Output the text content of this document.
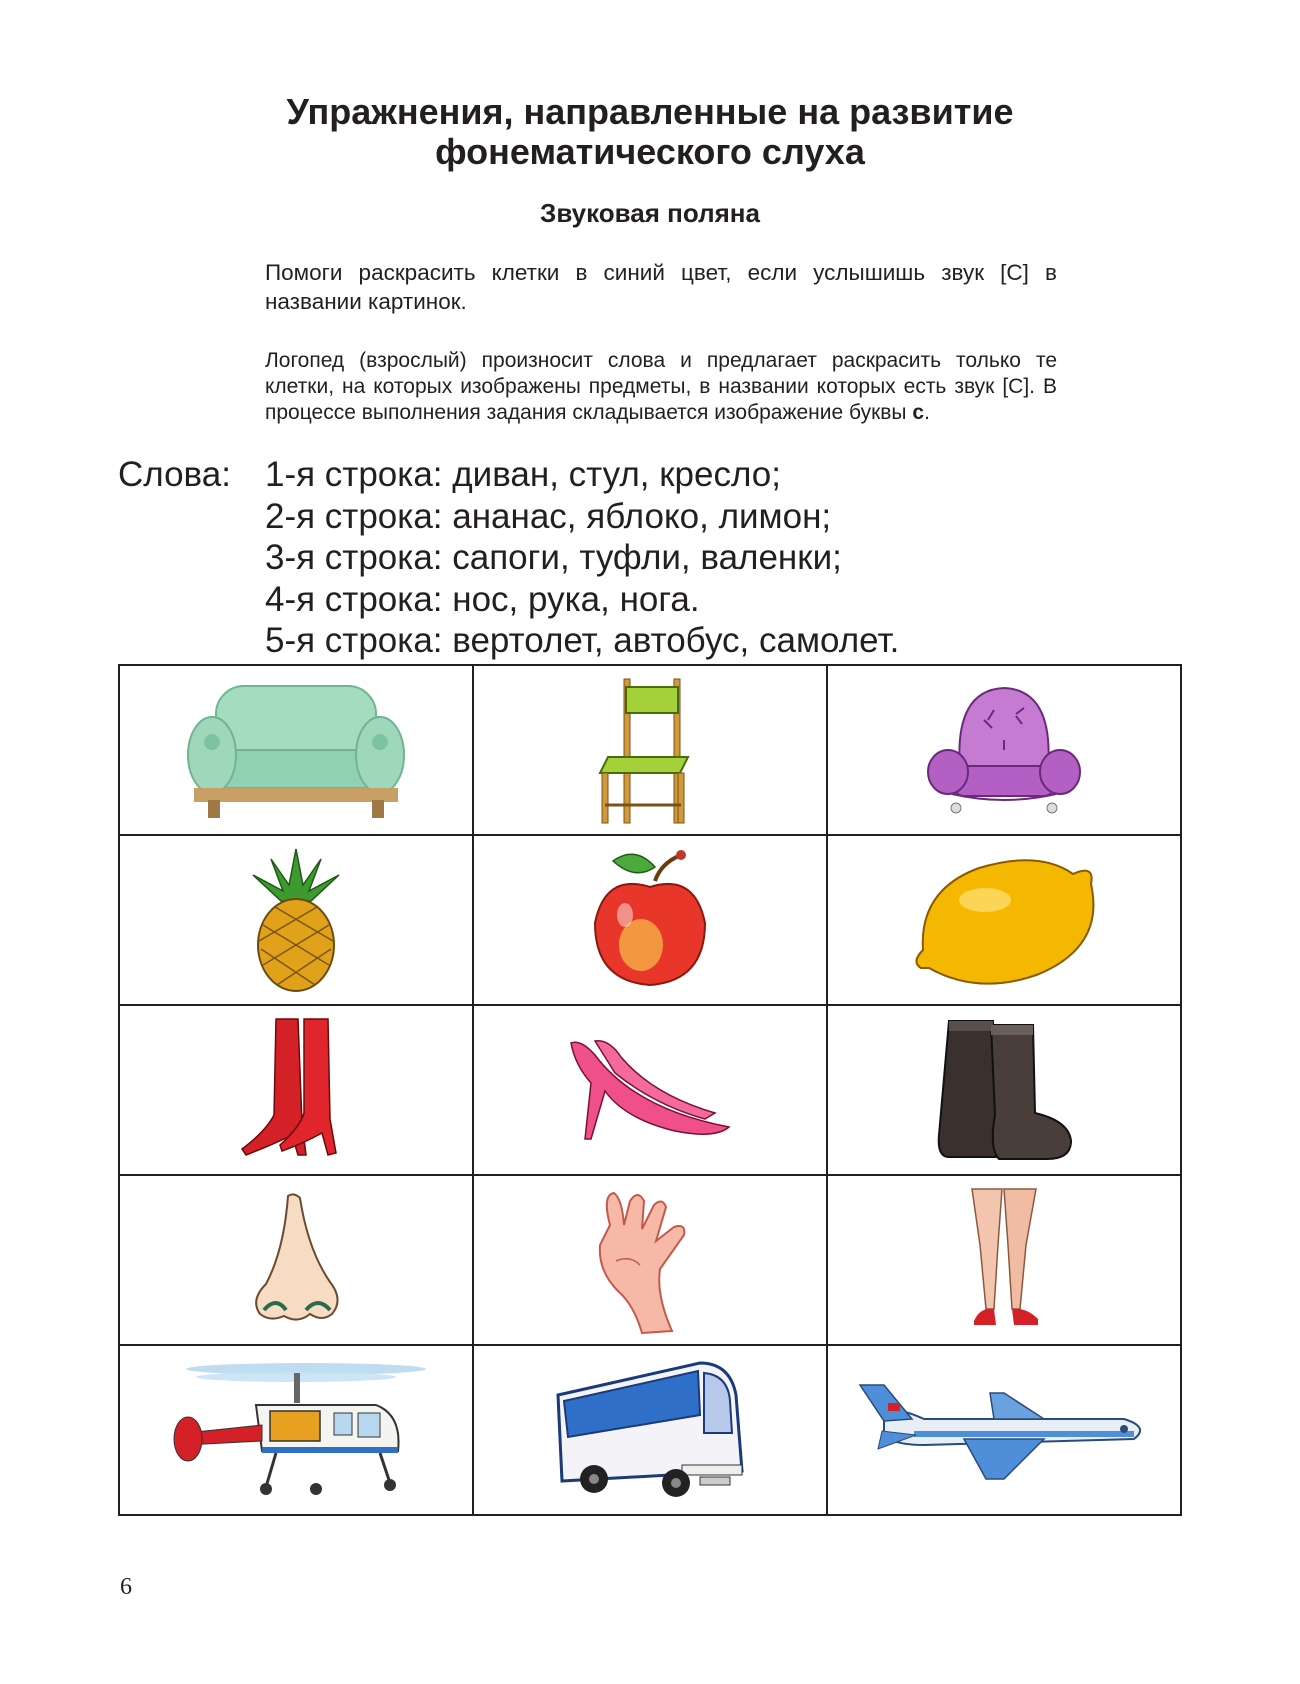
Упражнения, направленные на развитие
фонематического слуха
Звуковая поляна
Помоги раскрасить клетки в синий цвет, если услышишь звук [С] в названии картинок.
Логопед (взрослый) произносит слова и предлагает раскрасить только те клетки, на которых изображены предметы, в названии которых есть звук [С]. В процессе выполнения задания складывается изображение буквы с.
Слова: 1-я строка: диван, стул, кресло;
2-я строка: ананас, яблоко, лимон;
3-я строка: сапоги, туфли, валенки;
4-я строка: нос, рука, нога.
5-я строка: вертолет, автобус, самолет.

6
